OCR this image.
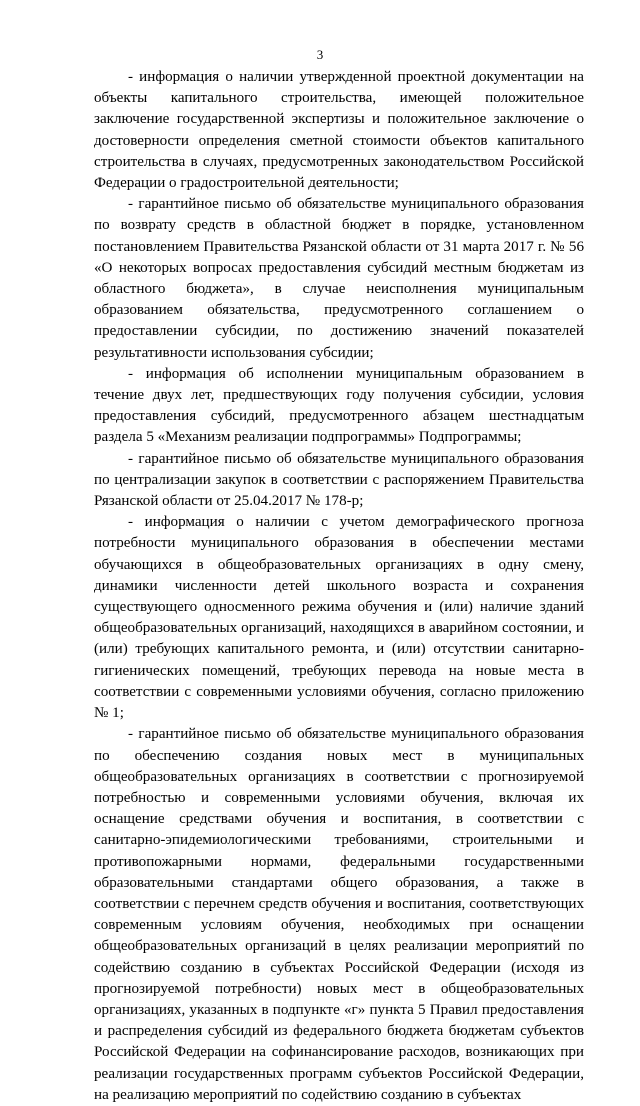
3

- информация о наличии утвержденной проектной документации на объекты капитального строительства, имеющей положительное заключение государственной экспертизы и положительное заключение о достоверности определения сметной стоимости объектов капитального строительства в случаях, предусмотренных законодательством Российской Федерации о градостроительной деятельности;

- гарантийное письмо об обязательстве муниципального образования по возврату средств в областной бюджет в порядке, установленном постановлением Правительства Рязанской области от 31 марта 2017 г. № 56 «О некоторых вопросах предоставления субсидий местным бюджетам из областного бюджета», в случае неисполнения муниципальным образованием обязательства, предусмотренного соглашением о предоставлении субсидии, по достижению значений показателей результативности использования субсидии;

- информация об исполнении муниципальным образованием в течение двух лет, предшествующих году получения субсидии, условия предоставления субсидий, предусмотренного абзацем шестнадцатым раздела 5 «Механизм реализации подпрограммы» Подпрограммы;

- гарантийное письмо об обязательстве муниципального образования по централизации закупок в соответствии с распоряжением Правительства Рязанской области от 25.04.2017 № 178-р;

- информация о наличии с учетом демографического прогноза потребности муниципального образования в обеспечении местами обучающихся в общеобразовательных организациях в одну смену, динамики численности детей школьного возраста и сохранения существующего односменного режима обучения и (или) наличие зданий общеобразовательных организаций, находящихся в аварийном состоянии, и (или) требующих капитального ремонта, и (или) отсутствии санитарно-гигиенических помещений, требующих перевода на новые места в соответствии с современными условиями обучения, согласно приложению № 1;

- гарантийное письмо об обязательстве муниципального образования по обеспечению создания новых мест в муниципальных общеобразовательных организациях в соответствии с прогнозируемой потребностью и современными условиями обучения, включая их оснащение средствами обучения и воспитания, в соответствии с санитарно-эпидемиологическими требованиями, строительными и противопожарными нормами, федеральными государственными образовательными стандартами общего образования, а также в соответствии с перечнем средств обучения и воспитания, соответствующих современным условиям обучения, необходимых при оснащении общеобразовательных организаций в целях реализации мероприятий по содействию созданию в субъектах Российской Федерации (исходя из прогнозируемой потребности) новых мест в общеобразовательных организациях, указанных в подпункте «г» пункта 5 Правил предоставления и распределения субсидий из федерального бюджета бюджетам субъектов Российской Федерации на софинансирование расходов, возникающих при реализации государственных программ субъектов Российской Федерации, на реализацию мероприятий по содействию созданию в субъектах
